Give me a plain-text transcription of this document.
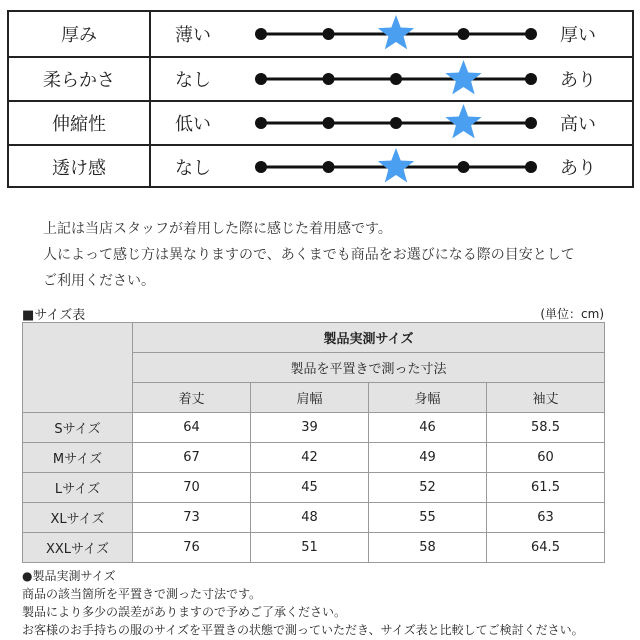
厚み	薄い	厚い
柔らかさ	なし	あり
伸縮性	低い	高い
透け感	なし	あり
上記は当店スタッフが着用した際に感じた着用感です。
人によって感じ方は異なりますので、あくまでも商品をお選びになる際の目安として
ご利用ください。
■サイズ表	(単位：cm)
	製品実測サイズ			
	製品を平置きで測った寸法			
	着丈	肩幅	身幅	袖丈
Sサイズ	64	39	46	58.5
Mサイズ	67	42	49	60
Lサイズ	70	45	52	61.5
XLサイズ	73	48	55	63
XXLサイズ	76	51	58	64.5
●製品実測サイズ
商品の該当箇所を平置きで測った寸法です。
製品により多少の誤差がありますので予めご了承ください。
お客様のお手持ちの服のサイズを平置きの状態で測っていただき、サイズ表と比較してご検討ください。
